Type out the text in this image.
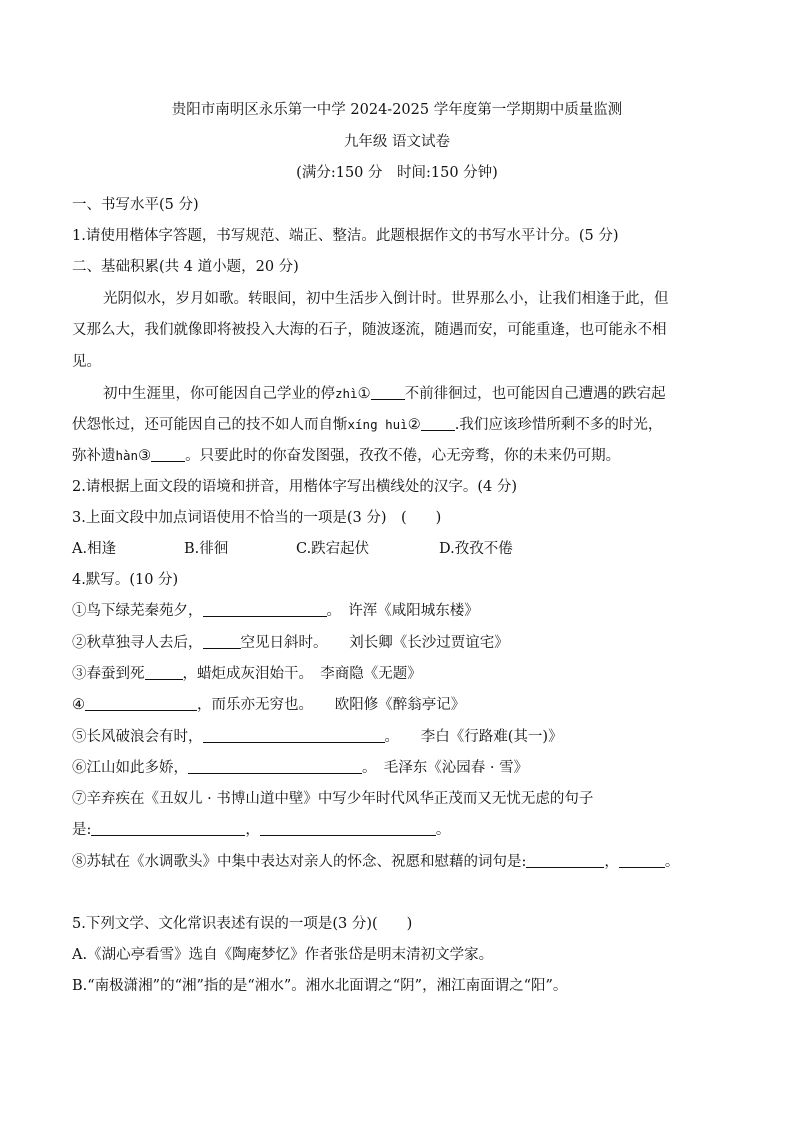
贵阳市南明区永乐第一中学 2024-2025 学年度第一学期期中质量监测
九年级 语文试卷
(满分:150 分　时间:150 分钟)
一、书写水平(5 分)
1.请使用楷体字答题，书写规范、端正、整洁。此题根据作文的书写水平计分。(5 分)
二、基础积累(共 4 道小题，20 分)
光阴似水，岁月如歌。转眼间，初中生活步入倒计时。世界那么小，让我们相逢于此，但
又那么大，我们就像即将被投入大海的石子，随波逐流，随遇而安，可能重逢，也可能永不相
见。
初中生涯里，你可能因自己学业的停zhì① 不前徘徊过，也可能因自己遭遇的跌宕起
伏怨怅过，还可能因自己的技不如人而自惭xíng huì② .我们应该珍惜所剩不多的时光，
弥补遗hàn③ 。只要此时的你奋发图强，孜孜不倦，心无旁骛，你的未来仍可期。
2.请根据上面文段的语境和拼音，用楷体字写出横线处的汉字。(4 分)
3.上面文段中加点词语使用不恰当的一项是(3 分)　(　　)
A.相逢	B.徘徊	C.跌宕起伏	D.孜孜不倦
4.默写。(10 分)
①鸟下绿芜秦苑夕，	。　许浑《咸阳城东楼》
②秋草独寻人去后，	空见日斜时。　　刘长卿《长沙过贾谊宅》
③春蚕到死	，蜡炬成灰泪始干。　李商隐《无题》
④	，而乐亦无穷也。　　欧阳修《醉翁亭记》
⑤长风破浪会有时，	。　　李白《行路难(其一)》
⑥江山如此多娇，	。　毛泽东《沁园春 · 雪》
⑦辛弃疾在《丑奴儿 · 书博山道中壁》中写少年时代风华正茂而又无忧无虑的句子
是:	，	。
⑧苏轼在《水调歌头》中集中表达对亲人的怀念、祝愿和慰藉的词句是:	，	。
5.下列文学、文化常识表述有误的一项是(3 分)(　　)
A.《湖心亭看雪》选自《陶庵梦忆》作者张岱是明末清初文学家。
B.“南极潇湘”的“湘”指的是“湘水”。湘水北面谓之“阴”，湘江南面谓之“阳”。
